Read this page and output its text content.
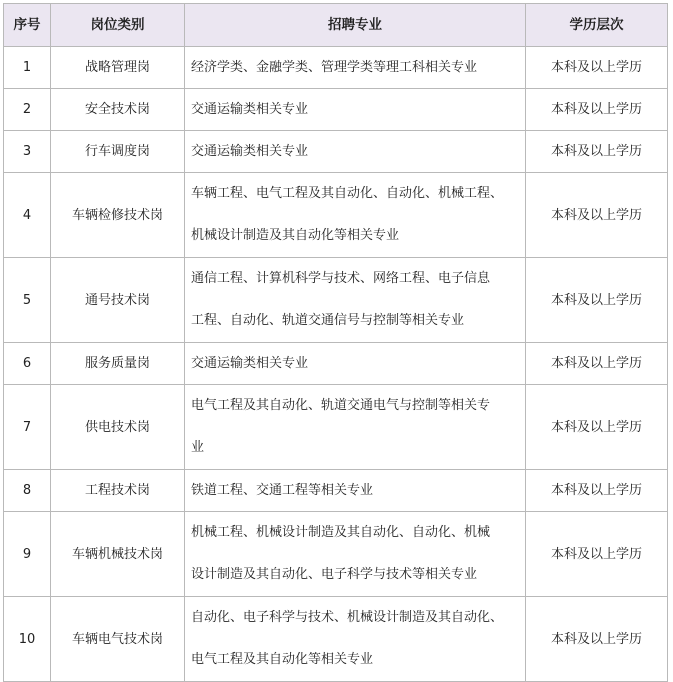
序号	岗位类别	招聘专业	学历层次
1	战略管理岗	经济学类、金融学类、管理学类等理工科相关专业	本科及以上学历
2	安全技术岗	交通运输类相关专业	本科及以上学历
3	行车调度岗	交通运输类相关专业	本科及以上学历
4	车辆检修技术岗	车辆工程、电气工程及其自动化、自动化、机械工程、
机械设计制造及其自动化等相关专业	本科及以上学历
5	通号技术岗	通信工程、计算机科学与技术、网络工程、电子信息
工程、自动化、轨道交通信号与控制等相关专业	本科及以上学历
6	服务质量岗	交通运输类相关专业	本科及以上学历
7	供电技术岗	电气工程及其自动化、轨道交通电气与控制等相关专
业	本科及以上学历
8	工程技术岗	铁道工程、交通工程等相关专业	本科及以上学历
9	车辆机械技术岗	机械工程、机械设计制造及其自动化、自动化、机械
设计制造及其自动化、电子科学与技术等相关专业	本科及以上学历
10	车辆电气技术岗	自动化、电子科学与技术、机械设计制造及其自动化、
电气工程及其自动化等相关专业	本科及以上学历
